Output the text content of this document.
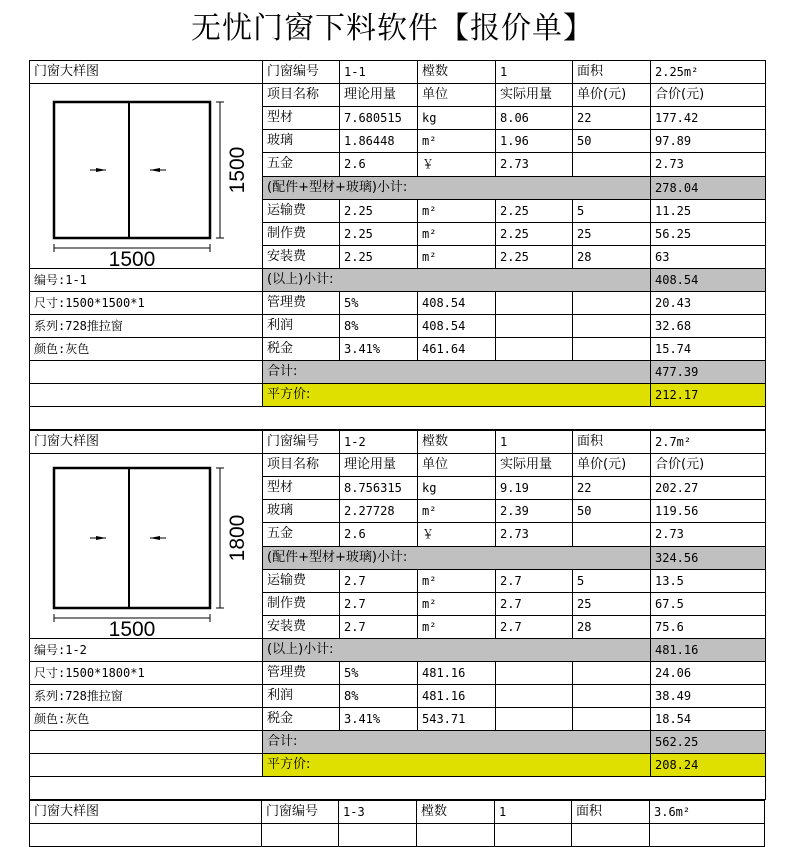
无忧门窗下料软件【报价单】
门窗大样图	门窗编号	1-1	樘数	1	面积	2.25m²

1500
1500	项目名称	理论用量	单位	实际用量	单价(元)	合价(元)
	型材	7.680515	kg	8.06	22	177.42
	玻璃	1.86448	m²	1.96	50	97.89
	五金	2.6	￥	2.73		2.73
	(配件+型材+玻璃)小计:					278.04
	运输费	2.25	m²	2.25	5	11.25
	制作费	2.25	m²	2.25	25	56.25
	安装费	2.25	m²	2.25	28	63
编号:1-1	(以上)小计:					408.54
尺寸:1500*1500*1	管理费	5%	408.54			20.43
系列:728推拉窗	利润	8%	408.54			32.68
颜色:灰色	税金	3.41%	461.64			15.74
	合计:					477.39
	平方价:					212.17

门窗大样图	门窗编号	1-2	樘数	1	面积	2.7m²

1500
1800	项目名称	理论用量	单位	实际用量	单价(元)	合价(元)
	型材	8.756315	kg	9.19	22	202.27
	玻璃	2.27728	m²	2.39	50	119.56
	五金	2.6	￥	2.73		2.73
	(配件+型材+玻璃)小计:					324.56
	运输费	2.7	m²	2.7	5	13.5
	制作费	2.7	m²	2.7	25	67.5
	安装费	2.7	m²	2.7	28	75.6
编号:1-2	(以上)小计:					481.16
尺寸:1500*1800*1	管理费	5%	481.16			24.06
系列:728推拉窗	利润	8%	481.16			38.49
颜色:灰色	税金	3.41%	543.71			18.54
	合计:					562.25
	平方价:					208.24

门窗大样图	门窗编号	1-3	樘数	1	面积	3.6m²
